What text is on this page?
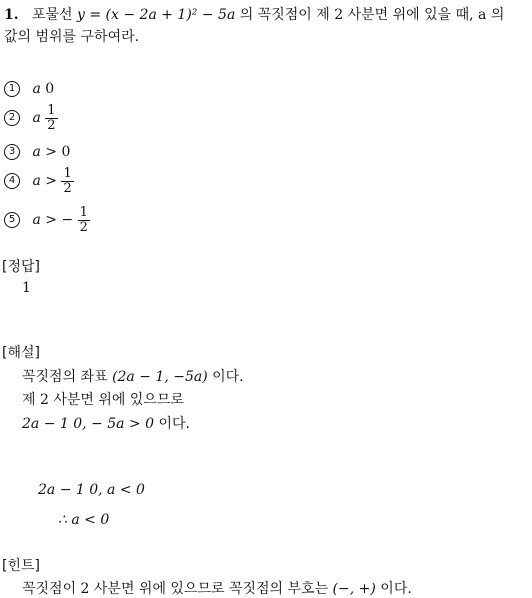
1. 포물선 y = (x − 2a + 1)² − 5a 의 꼭짓점이 제 2 사분면 위에 있을 때, a 의
값의 범위를 구하여라.
1 a 0
2 a $\frac{1}{2}$
3 a > 0
4 $a > \frac{1}{2}$
5 a > − $\frac{1}{2}$
[정답]
1
[해설]
꼭짓점의 좌표 (2a − 1, −5a) 이다.
제 2 사분면 위에 있으므로
2a − 1 0, − 5a > 0 이다.
2a − 1 0, a < 0
∴ a < 0
[힌트]
꼭짓점이 2 사분면 위에 있으므로 꼭짓점의 부호는 (−, +) 이다.
